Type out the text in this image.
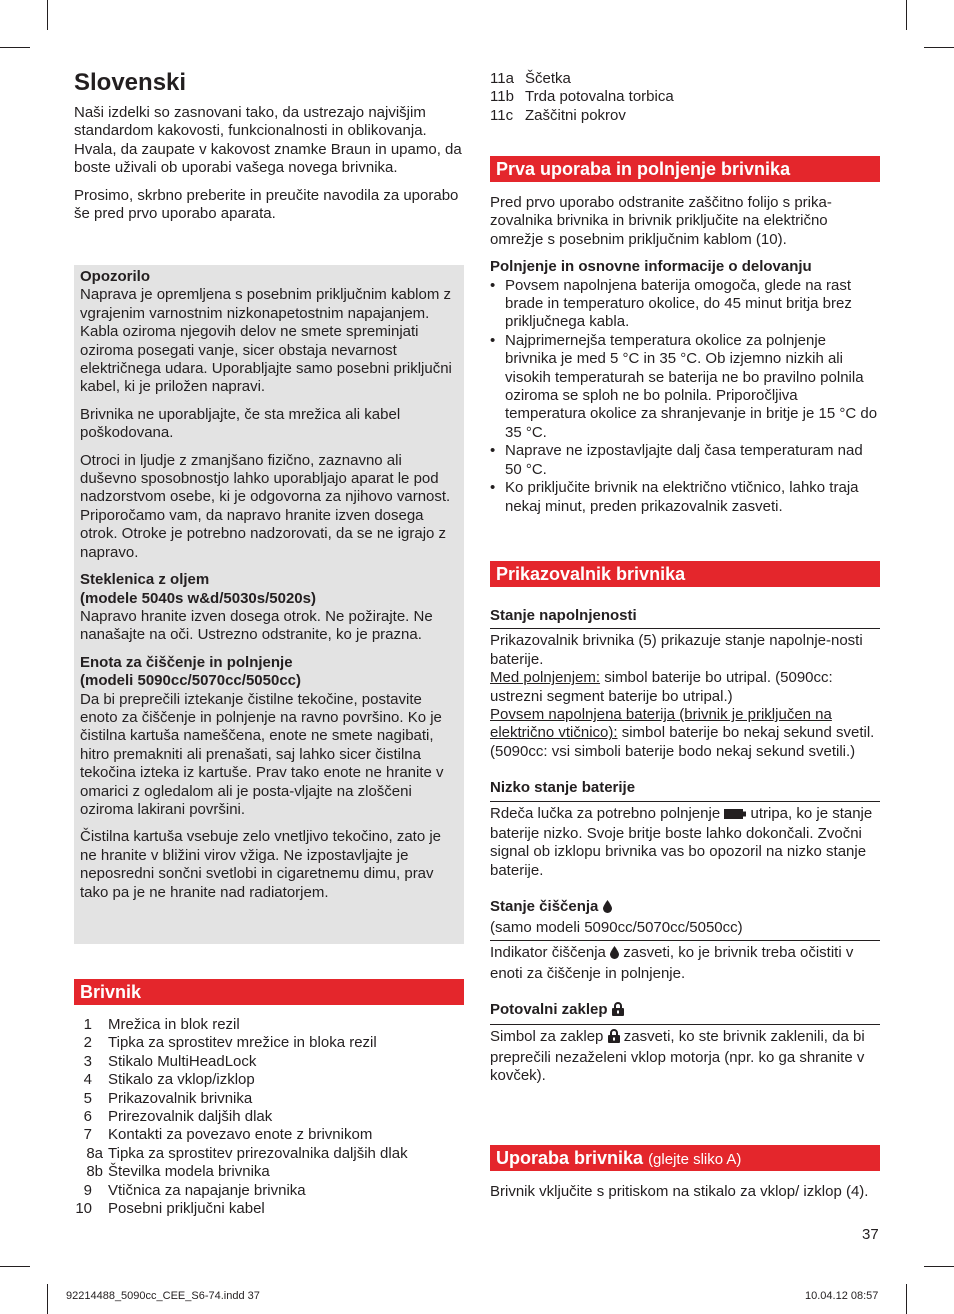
Slovenski

Naši izdelki so zasnovani tako, da ustrezajo najvišjim standardom kakovosti, funkcionalnosti in oblikovanja. Hvala, da zaupate v kakovost znamke Braun in upamo, da boste uživali ob uporabi vašega novega brivnika.

Prosimo, skrbno preberite in preučite navodila za uporabo še pred prvo uporabo aparata.

Opozorilo

Naprava je opremljena s posebnim priključnim kablom z vgrajenim varnostnim nizkonapetostnim napajanjem. Kabla oziroma njegovih delov ne smete spreminjati oziroma posegati vanje, sicer obstaja nevarnost električnega udara. Uporabljajte samo posebni priključni kabel, ki je priložen napravi.

Brivnika ne uporabljajte, če sta mrežica ali kabel poškodovana.

Otroci in ljudje z zmanjšano fizično, zaznavno ali duševno sposobnostjo lahko uporabljajo aparat le pod nadzorstvom osebe, ki je odgovorna za njihovo varnost. Priporočamo vam, da napravo hranite izven dosega otrok. Otroke je potrebno nadzorovati, da se ne igrajo z napravo.

Steklenica z oljem

(modele 5040s w&d/5030s/5020s)

Napravo hranite izven dosega otrok. Ne požirajte. Ne nanašajte na oči. Ustrezno odstranite, ko je prazna.

Enota za čiščenje in polnjenje

(modeli 5090cc/5070cc/5050cc)

Da bi preprečili iztekanje čistilne tekočine, postavite enoto za čiščenje in polnjenje na ravno površino. Ko je čistilna kartuša nameščena, enote ne smete nagibati, hitro premakniti ali prenašati, saj lahko sicer čistilna tekočina izteka iz kartuše. Prav tako enote ne hranite v omarici z ogledalom ali je posta-vljajte na zloščeni oziroma lakirani površini.

Čistilna kartuša vsebuje zelo vnetljivo tekočino, zato je ne hranite v bližini virov vžiga. Ne izpostavljajte je neposredni sončni svetlobi in cigaretnemu dimu, prav tako pa je ne hranite nad radiatorjem.

Brivnik
1 Mrežica in blok rezil
2 Tipka za sprostitev mrežice in bloka rezil
3 Stikalo MultiHeadLock
4 Stikalo za vklop/izklop
5 Prikazovalnik brivnika
6 Prirezovalnik daljših dlak
7 Kontakti za povezavo enote z brivnikom
8a Tipka za sprostitev prirezovalnika daljših dlak
8b Številka modela brivnika
9 Vtičnica za napajanje brivnika
10 Posebni priključni kabel
11a Ščetka
11b Trda potovalna torbica
11c Zaščitni pokrov
Prva uporaba in polnjenje brivnika

Pred prvo uporabo odstranite zaščitno folijo s prika-zovalnika brivnika in brivnik priključite na električno omrežje s posebnim priključnim kablom (10).

Polnjenje in osnovne informacije o delovanju

• Povsem napolnjena baterija omogoča, glede na rast brade in temperaturo okolice, do 45 minut britja brez priključnega kabla.
• Najprimernejša temperatura okolice za polnjenje brivnika je med 5 °C in 35 °C. Ob izjemno nizkih ali visokih temperaturah se baterija ne bo pravilno polnila oziroma se sploh ne bo polnila. Priporočljiva temperatura okolice za shranjevanje in britje je 15 °C do 35 °C.
• Naprave ne izpostavljajte dalj časa temperaturam nad 50 °C.
• Ko priključite brivnik na električno vtičnico, lahko traja nekaj minut, preden prikazovalnik zasveti.
Prikazovalnik brivnika
Stanje napolnjenosti

Prikazovalnik brivnika (5) prikazuje stanje napolnje-nosti baterije.

Med polnjenjem: simbol baterije bo utripal. (5090cc: ustrezni segment baterije bo utripal.)

Povsem napolnjena baterija (brivnik je priključen na električno vtičnico): simbol baterije bo nekaj sekund svetil. (5090cc: vsi simboli baterije bodo nekaj sekund svetili.)

Nizko stanje baterije

Rdeča lučka za potrebno polnjenje  utripa, ko je stanje baterije nizko. Svoje britje boste lahko dokončali. Zvočni signal ob izklopu brivnika vas bo opozoril na nizko stanje baterije.

Stanje čiščenja
(samo modeli 5090cc/5070cc/5050cc)

Indikator čiščenja  zasveti, ko je brivnik treba očistiti v enoti za čiščenje in polnjenje.

Potovalni zaklep

Simbol za zaklep  zasveti, ko ste brivnik zaklenili, da bi preprečili nezaželeni vklop motorja (npr. ko ga shranite v kovček).

Uporaba brivnika (glejte sliko A)

Brivnik vključite s pritiskom na stikalo za vklop/ izklop (4).

37
92214488_5090cc_CEE_S6-74.indd 37	10.04.12 08:57
